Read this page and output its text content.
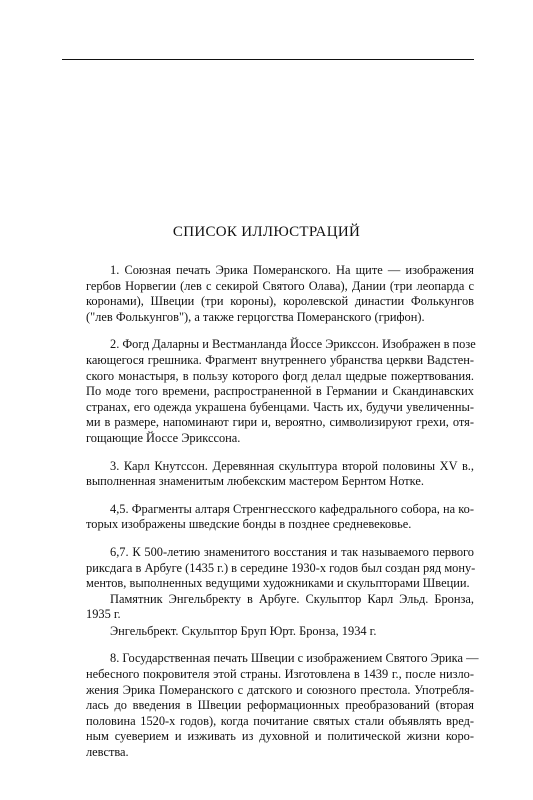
СПИСОК ИЛЛЮСТРАЦИЙ
1. Союзная печать Эрика Померанского. На щите — изображения
гербов Норвегии (лев с секирой Святого Олава), Дании (три леопарда с
коронами), Швеции (три короны), королевской династии Фолькунгов
("лев Фолькунгов"), а также герцогства Померанского (грифон).
2. Фогд Даларны и Вестманланда Йоссе Эрикссон. Изображен в позе
кающегося грешника. Фрагмент внутреннего убранства церкви Вадстен-
ского монастыря, в пользу которого фогд делал щедрые пожертвования.
По моде того времени, распространенной в Германии и Скандинавских
странах, его одежда украшена бубенцами. Часть их, будучи увеличенны-
ми в размере, напоминают гири и, вероятно, символизируют грехи, отя-
гощающие Йоссе Эрикссона.
3. Карл Кнутссон. Деревянная скульптура второй половины XV в.,
выполненная знаменитым любекским мастером Бернтом Нотке.
4,5. Фрагменты алтаря Стренгнесского кафедрального собора, на ко-
торых изображены шведские бонды в позднее средневековье.
6,7. К 500-летию знаменитого восстания и так называемого первого
риксдага в Арбуге (1435 г.) в середине 1930-х годов был создан ряд мону-
ментов, выполненных ведущими художниками и скульпторами Швеции.
Памятник Энгельбректу в Арбуге. Скульптор Карл Эльд. Бронза,
1935 г.
Энгельбрект. Скульптор Бруп Юрт. Бронза, 1934 г.
8. Государственная печать Швеции с изображением Святого Эрика —
небесного покровителя этой страны. Изготовлена в 1439 г., после низло-
жения Эрика Померанского с датского и союзного престола. Употребля-
лась до введения в Швеции реформационных преобразований (вторая
половина 1520-х годов), когда почитание святых стали объявлять вред-
ным суеверием и изживать из духовной и политической жизни коро-
левства.
